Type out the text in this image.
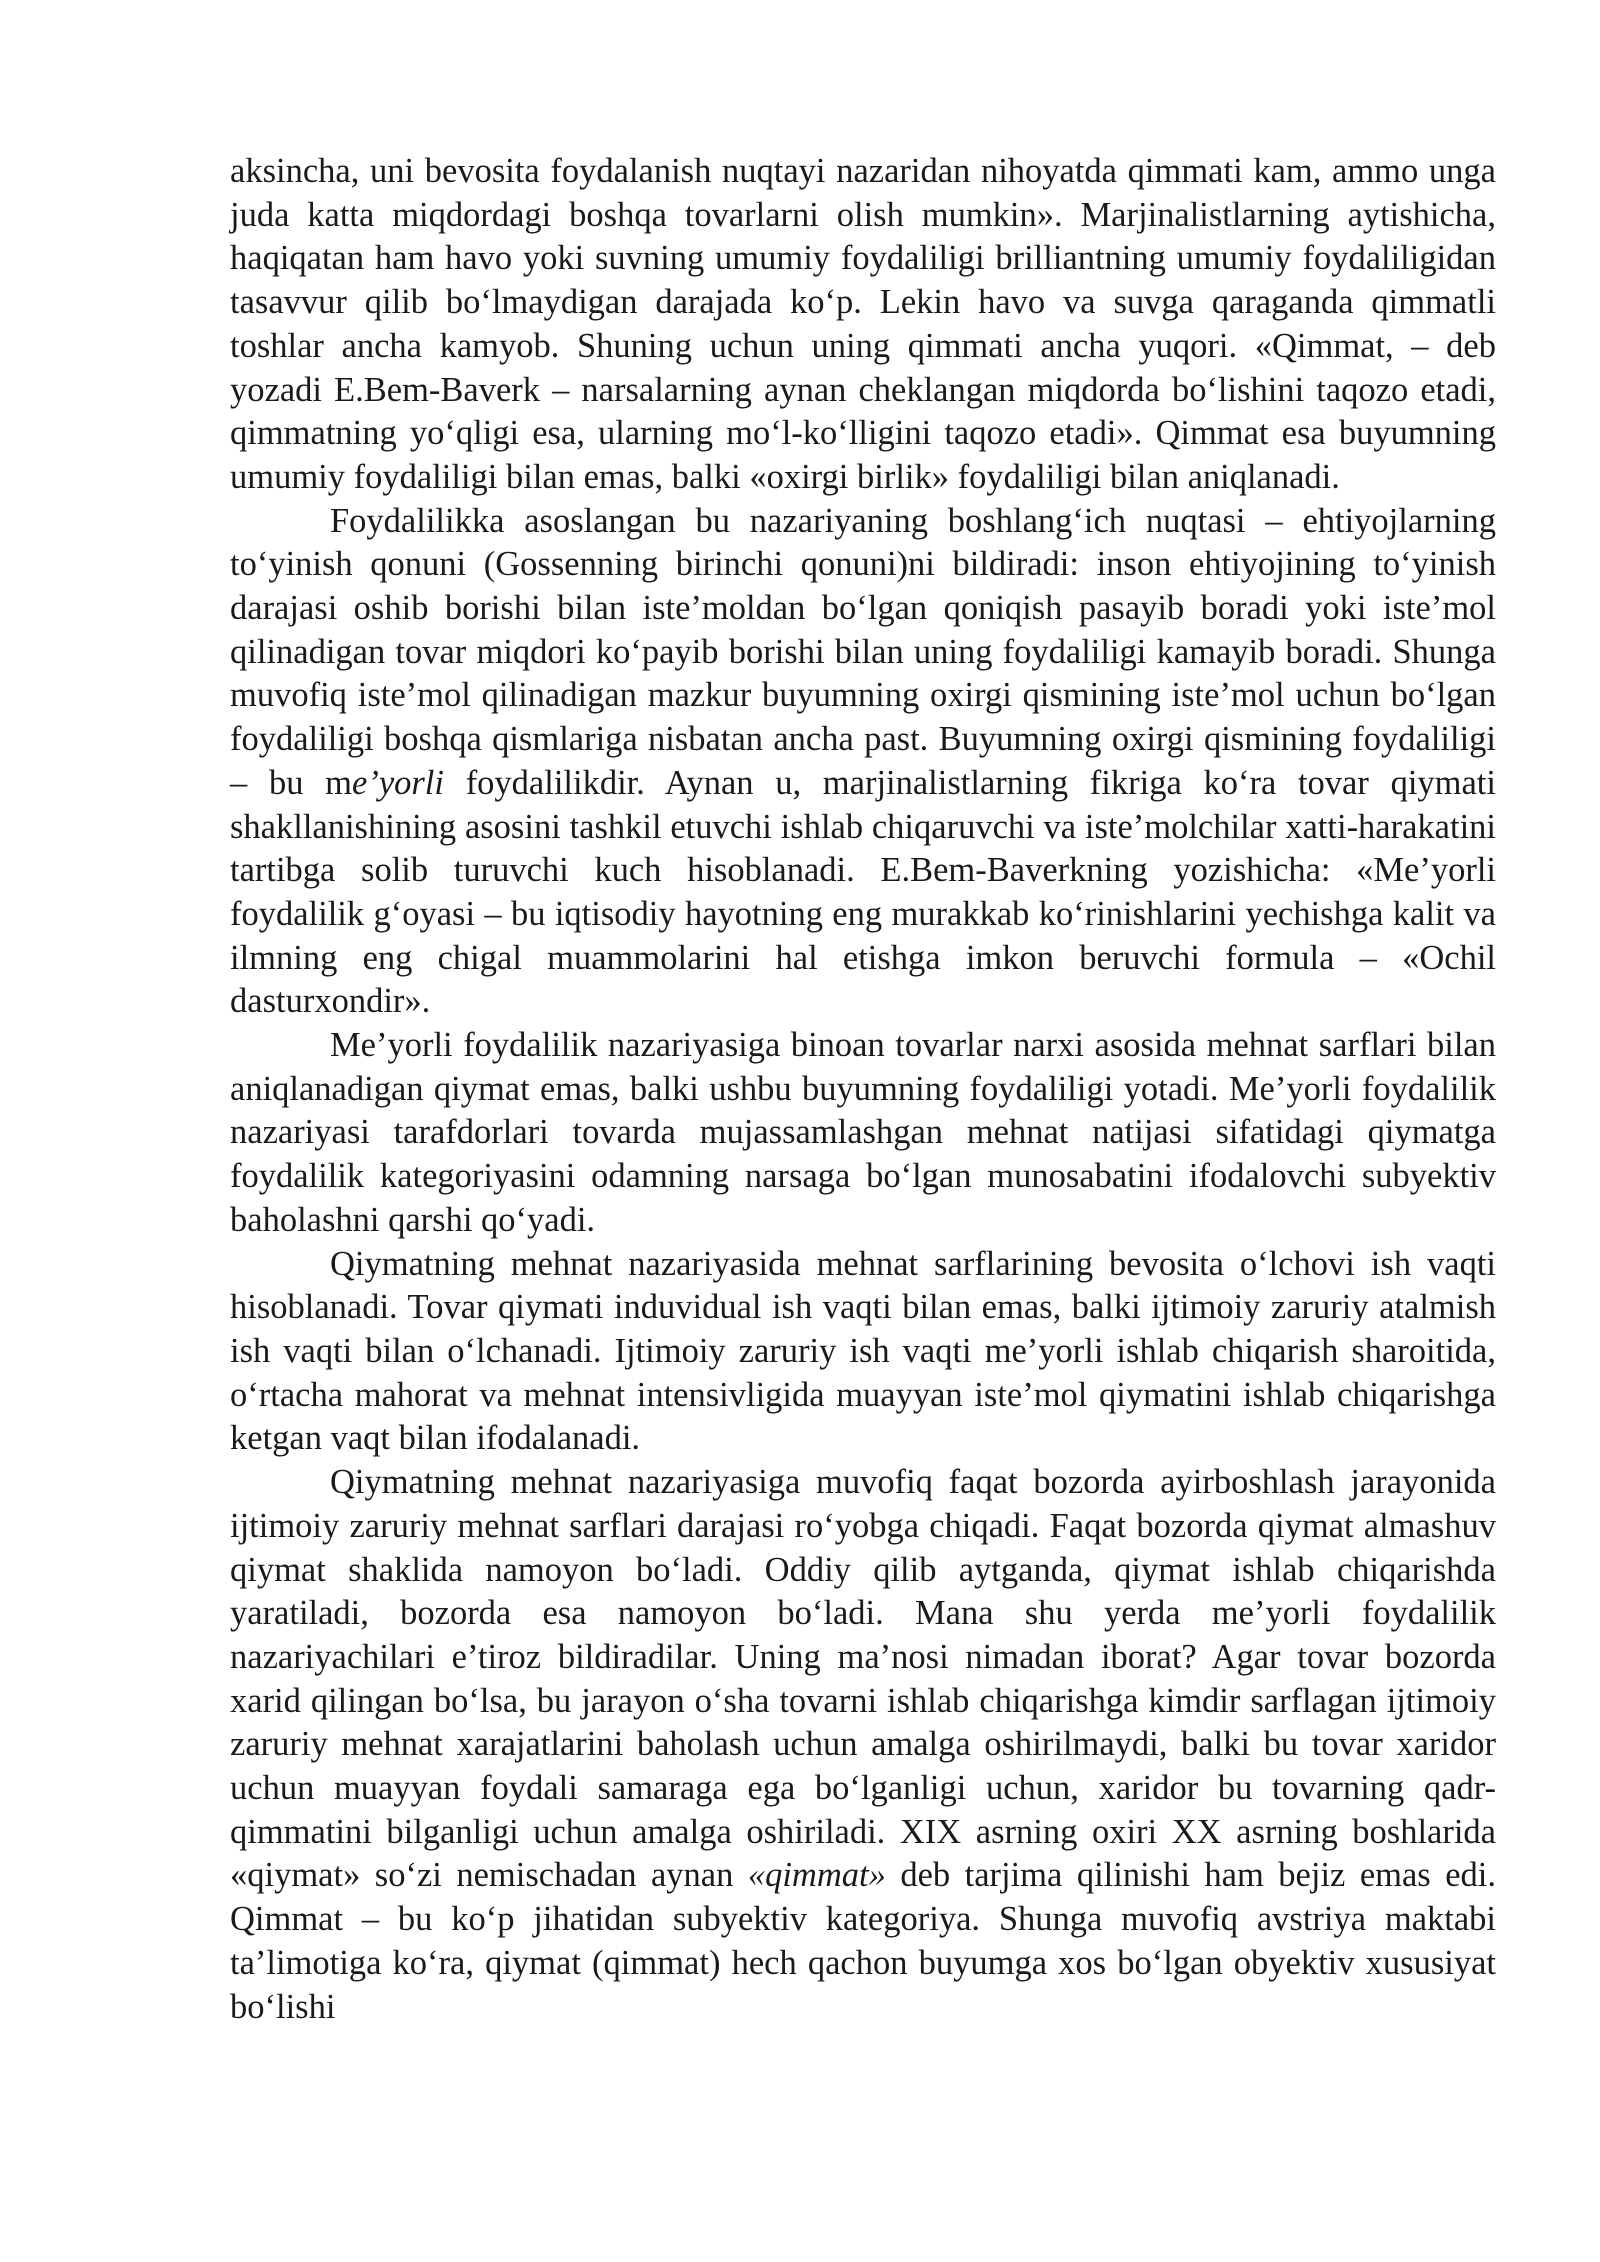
aksincha, uni bevosita foydalanish nuqtayi nazaridan nihoyatda qimmati kam, ammo unga juda katta miqdordagi boshqa tovarlarni olish mumkin». Marjinalistlarning aytishicha, haqiqatan ham havo yoki suvning umumiy foydaliligi brilliantning umumiy foydaliligidan tasavvur qilib boʻlmaydigan darajada koʻp. Lekin havo va suvga qaraganda qimmatli toshlar ancha kamyob. Shuning uchun uning qimmati ancha yuqori. «Qimmat, – deb yozadi E.Bem-Baverk – narsalarning aynan cheklangan miqdorda boʻlishini taqozo etadi, qimmatning yoʻqligi esa, ularning moʻl-koʻlligini taqozo etadi». Qimmat esa buyumning umumiy foydaliligi bilan emas, balki «oxirgi birlik» foydaliligi bilan aniqlanadi.

Foydalilikka asoslangan bu nazariyaning boshlangʻich nuqtasi – ehtiyojlarning toʻyinish qonuni (Gossenning birinchi qonuni)ni bildiradi: inson ehtiyojining toʻyinish darajasi oshib borishi bilan iste’moldan boʻlgan qoniqish pasayib boradi yoki iste’mol qilinadigan tovar miqdori koʻpayib borishi bilan uning foydaliligi kamayib boradi. Shunga muvofiq iste’mol qilinadigan mazkur buyumning oxirgi qismining iste’mol uchun boʻlgan foydaliligi boshqa qismlariga nisbatan ancha past. Buyumning oxirgi qismining foydaliligi – bu me’yorli foydalilikdir. Aynan u, marjinalistlarning fikriga koʻra tovar qiymati shakllanishining asosini tashkil etuvchi ishlab chiqaruvchi va iste’molchilar xatti-harakatini tartibga solib turuvchi kuch hisoblanadi. E.Bem-Baverkning yozishicha: «Me’yorli foydalilik gʻoyasi – bu iqtisodiy hayotning eng murakkab koʻrinishlarini yechishga kalit va ilmning eng chigal muammolarini hal etishga imkon beruvchi formula – «Ochil dasturxondir».

Me’yorli foydalilik nazariyasiga binoan tovarlar narxi asosida mehnat sarflari bilan aniqlanadigan qiymat emas, balki ushbu buyumning foydaliligi yotadi. Me’yorli foydalilik nazariyasi tarafdorlari tovarda mujassamlashgan mehnat natijasi sifatidagi qiymatga foydalilik kategoriyasini odamning narsaga boʻlgan munosabatini ifodalovchi subyektiv baholashni qarshi qoʻyadi.

Qiymatning mehnat nazariyasida mehnat sarflarining bevosita oʻlchovi ish vaqti hisoblanadi. Tovar qiymati induvidual ish vaqti bilan emas, balki ijtimoiy zaruriy atalmish ish vaqti bilan oʻlchanadi. Ijtimoiy zaruriy ish vaqti me’yorli ishlab chiqarish sharoitida, oʻrtacha mahorat va mehnat intensivligida muayyan iste’mol qiymatini ishlab chiqarishga ketgan vaqt bilan ifodalanadi.

Qiymatning mehnat nazariyasiga muvofiq faqat bozorda ayirboshlash jarayonida ijtimoiy zaruriy mehnat sarflari darajasi roʻyobga chiqadi. Faqat bozorda qiymat almashuv qiymat shaklida namoyon boʻladi. Oddiy qilib aytganda, qiymat ishlab chiqarishda yaratiladi, bozorda esa namoyon boʻladi. Mana shu yerda me’yorli foydalilik nazariyachilari e’tiroz bildiradilar. Uning ma’nosi nimadan iborat? Agar tovar bozorda xarid qilingan boʻlsa, bu jarayon oʻsha tovarni ishlab chiqarishga kimdir sarflagan ijtimoiy zaruriy mehnat xarajatlarini baholash uchun amalga oshirilmaydi, balki bu tovar xaridor uchun muayyan foydali samaraga ega boʻlganligi uchun, xaridor bu tovarning qadr-qimmatini bilganligi uchun amalga oshiriladi. XIX asrning oxiri XX asrning boshlarida «qiymat» soʻzi nemischadan aynan «qimmat» deb tarjima qilinishi ham bejiz emas edi. Qimmat – bu koʻp jihatidan subyektiv kategoriya. Shunga muvofiq avstriya maktabi ta’limotiga koʻra, qiymat (qimmat) hech qachon buyumga xos boʻlgan obyektiv xususiyat boʻlishi
